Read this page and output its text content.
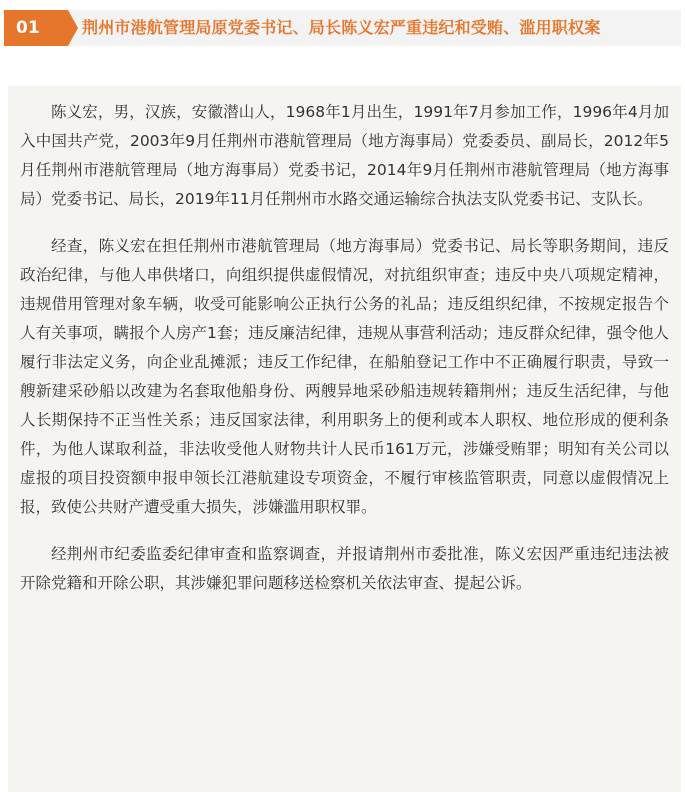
01	荆州市港航管理局原党委书记、局长陈义宏严重违纪和受贿、滥用职权案

陈义宏，男，汉族，安徽潜山人，1968年1月出生，1991年7月参加工作，1996年4月加入中国共产党，2003年9月任荆州市港航管理局（地方海事局）党委委员、副局长，2012年5月任荆州市港航管理局（地方海事局）党委书记，2014年9月任荆州市港航管理局（地方海事局）党委书记、局长，2019年11月任荆州市水路交通运输综合执法支队党委书记、支队长。

经查，陈义宏在担任荆州市港航管理局（地方海事局）党委书记、局长等职务期间，违反政治纪律，与他人串供堵口，向组织提供虚假情况，对抗组织审查；违反中央八项规定精神，违规借用管理对象车辆，收受可能影响公正执行公务的礼品；违反组织纪律，不按规定报告个人有关事项，瞒报个人房产1套；违反廉洁纪律，违规从事营利活动；违反群众纪律，强令他人履行非法定义务，向企业乱摊派；违反工作纪律，在船舶登记工作中不正确履行职责，导致一艘新建采砂船以改建为名套取他船身份、两艘异地采砂船违规转籍荆州；违反生活纪律，与他人长期保持不正当性关系；违反国家法律，利用职务上的便利或本人职权、地位形成的便利条件，为他人谋取利益，非法收受他人财物共计人民币161万元，涉嫌受贿罪；明知有关公司以虚报的项目投资额申报申领长江港航建设专项资金，不履行审核监管职责，同意以虚假情况上报，致使公共财产遭受重大损失，涉嫌滥用职权罪。

经荆州市纪委监委纪律审查和监察调查，并报请荆州市委批准，陈义宏因严重违纪违法被开除党籍和开除公职，其涉嫌犯罪问题移送检察机关依法审查、提起公诉。
